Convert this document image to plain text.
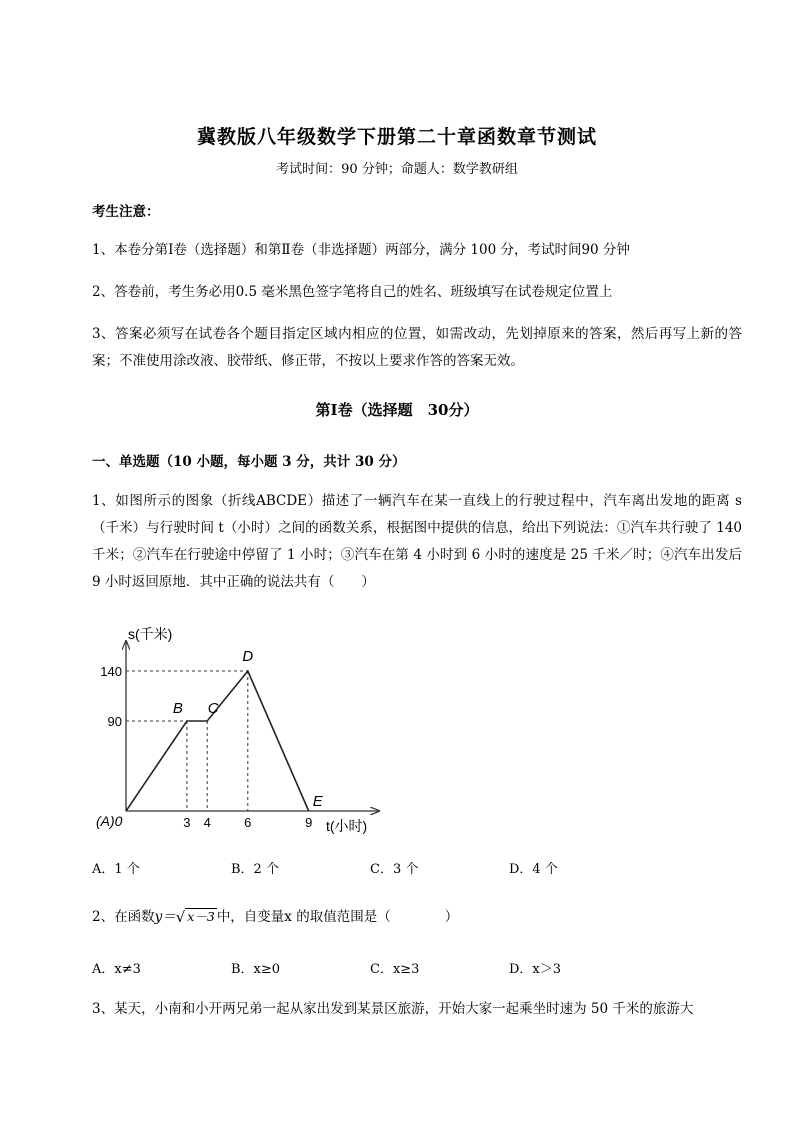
冀教版八年级数学下册第二十章函数章节测试
考试时间：90 分钟；命题人：数学教研组
考生注意：
1、本卷分第Ⅰ卷（选择题）和第Ⅱ卷（非选择题）两部分，满分 100 分，考试时间90 分钟
2、答卷前，考生务必用0.5 毫米黑色签字笔将自己的姓名、班级填写在试卷规定位置上
3、答案必须写在试卷各个题目指定区域内相应的位置，如需改动，先划掉原来的答案，然后再写上新的答案；不准使用涂改液、胶带纸、修正带，不按以上要求作答的答案无效。
第Ⅰ卷（选择题　30分）
一、单选题（10 小题，每小题 3 分，共计 30 分）
1、如图所示的图象（折线ABCDE）描述了一辆汽车在某一直线上的行驶过程中，汽车离出发地的距离 s（千米）与行驶时间 t（小时）之间的函数关系，根据图中提供的信息，给出下列说法：①汽车共行驶了 140 千米；②汽车在行驶途中停留了 1 小时；③汽车在第 4 小时到 6 小时的速度是 25 千米／时；④汽车出发后 9 小时返回原地．其中正确的说法共有（　　）
90
140
3 4	6	9
B C
D
E
s(千米)
t(小时)
(A)0
A．1 个	B．2 个	C．3 个	D．4 个
2、在函数y＝√ x－3 中，自变量x 的取值范围是（　　　　）
A．x≠3	B．x≥0	C．x≥3	D．x＞3
3、某天，小南和小开两兄弟一起从家出发到某景区旅游，开始大家一起乘坐时速为 50 千米的旅游大
